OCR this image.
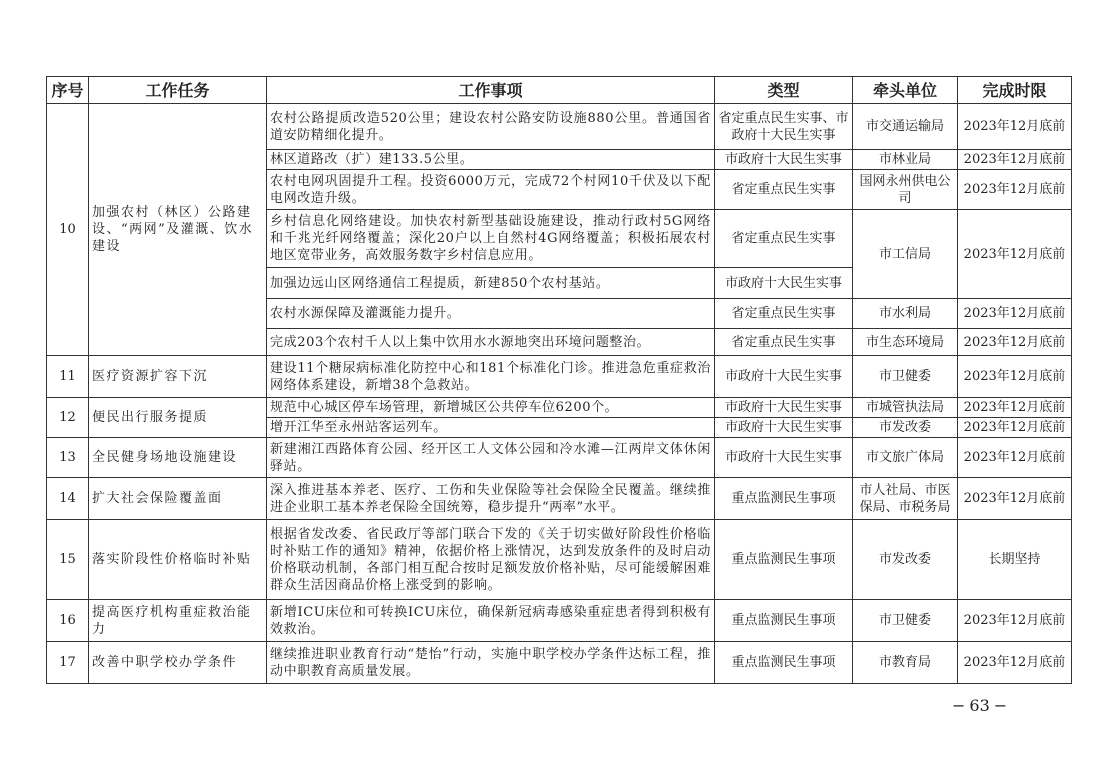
序号	工作任务	工作事项	类型	牵头单位	完成时限
10	加强农村（林区）公路建设、“两网”及灌溉、饮水建设	农村公路提质改造520公里；建设农村公路安防设施880公里。普通国省道安防精细化提升。	省定重点民生实事、市政府十大民生实事	市交通运输局	2023年12月底前
		林区道路改（扩）建133.5公里。	市政府十大民生实事	市林业局	2023年12月底前
		农村电网巩固提升工程。投资6000万元，完成72个村网10千伏及以下配电网改造升级。	省定重点民生实事	国网永州供电公司	2023年12月底前
		乡村信息化网络建设。加快农村新型基础设施建设，推动行政村5G网络和千兆光纤网络覆盖；深化20户以上自然村4G网络覆盖；积极拓展农村地区宽带业务，高效服务数字乡村信息应用。	省定重点民生实事	市工信局	2023年12月底前
		加强边远山区网络通信工程提质，新建850个农村基站。	市政府十大民生实事		
		农村水源保障及灌溉能力提升。	省定重点民生实事	市水利局	2023年12月底前
		完成203个农村千人以上集中饮用水水源地突出环境问题整治。	省定重点民生实事	市生态环境局	2023年12月底前
11	医疗资源扩容下沉	建设11个糖尿病标准化防控中心和181个标准化门诊。推进急危重症救治网络体系建设，新增38个急救站。	市政府十大民生实事	市卫健委	2023年12月底前
12	便民出行服务提质	规范中心城区停车场管理，新增城区公共停车位6200个。	市政府十大民生实事	市城管执法局	2023年12月底前
		增开江华至永州站客运列车。	市政府十大民生实事	市发改委	2023年12月底前
13	全民健身场地设施建设	新建湘江西路体育公园、经开区工人文体公园和冷水滩—江两岸文体休闲驿站。	市政府十大民生实事	市文旅广体局	2023年12月底前
14	扩大社会保险覆盖面	深入推进基本养老、医疗、工伤和失业保险等社会保险全民覆盖。继续推进企业职工基本养老保险全国统筹，稳步提升“两率”水平。	重点监测民生事项	市人社局、市医保局、市税务局	2023年12月底前
15	落实阶段性价格临时补贴	根据省发改委、省民政厅等部门联合下发的《关于切实做好阶段性价格临时补贴工作的通知》精神，依据价格上涨情况，达到发放条件的及时启动价格联动机制，各部门相互配合按时足额发放价格补贴，尽可能缓解困难群众生活因商品价格上涨受到的影响。	重点监测民生事项	市发改委	长期坚持
16	提高医疗机构重症救治能力	新增ICU床位和可转换ICU床位，确保新冠病毒感染重症患者得到积极有效救治。	重点监测民生事项	市卫健委	2023年12月底前
17	改善中职学校办学条件	继续推进职业教育行动“楚怡”行动，实施中职学校办学条件达标工程，推动中职教育高质量发展。	重点监测民生事项	市教育局	2023年12月底前
− 63 −
